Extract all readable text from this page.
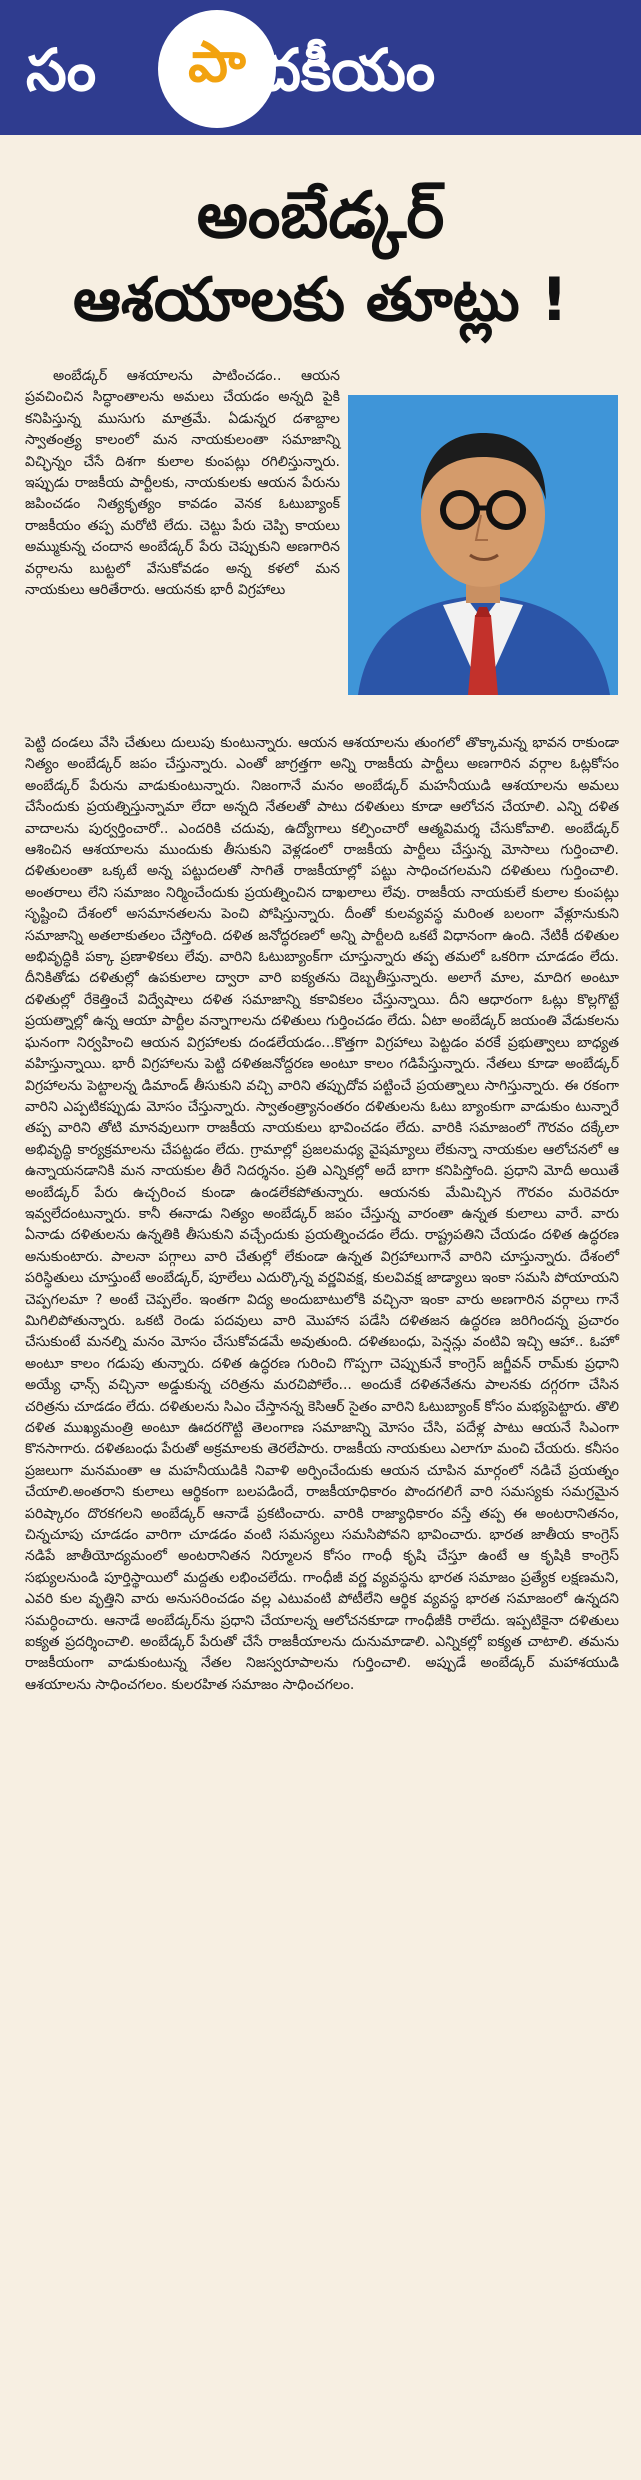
సం	పా దకీయం
అంబేడ్కర్
ఆశయాలకు తూట్లు !

అంబేడ్కర్ ఆశయాలను పాటించడం.. ఆయన ప్రవచించిన సిద్ధాంతాలను అమలు చేయడం అన్నది పైకి కనిపిస్తున్న ముసుగు మాత్రమే. ఏడున్నర దశాబ్దాల స్వాతంత్ర్య కాలంలో మన నాయకులంతా సమాజాన్ని విచ్ఛిన్నం చేసే దిశగా కులాల కుంపట్లు రగిలిస్తున్నారు. ఇప్పుడు రాజకీయ పార్టీలకు, నాయకులకు ఆయన పేరును జపించడం నిత్యకృత్యం కావడం వెనక ఓటుబ్యాంక్ రాజకీయం తప్ప మరోటి లేదు. చెట్టు పేరు చెప్పి కాయలు అమ్ముకున్న చందాన అంబేడ్కర్ పేరు చెప్పుకుని అణగారిన వర్గాలను బుట్టలో వేసుకోవడం అన్న కళలో మన నాయకులు ఆరితేరారు. ఆయనకు భారీ విగ్రహాలు

పెట్టి దండలు వేసి చేతులు దులుపు కుంటున్నారు. ఆయన ఆశయాలను తుంగలో తొక్కామన్న భావన రాకుండా నిత్యం అంబేడ్కర్ జపం చేస్తున్నారు. ఎంతో జాగ్రత్తగా అన్ని రాజకీయ పార్టీలు అణగారిన వర్గాల ఓట్లకోసం అంబేడ్కర్ పేరును వాడుకుంటున్నారు. నిజంగానే మనం అంబేడ్కర్ మహనీయుడి ఆశయాలను అమలు చేసేందుకు ప్రయత్నిస్తున్నామా లేదా అన్నది నేతలతో పాటు దళితులు కూడా ఆలోచన చేయాలి. ఎన్ని దళిత వాదాలను పుర్వర్తించారో.. ఎందరికి చదువు, ఉద్యోగాలు కల్పించారో ఆత్మవిమర్శ చేసుకోవాలి. అంబేడ్కర్ ఆశించిన ఆశయాలను ముందుకు తీసుకుని వెళ్లడంలో రాజకీయ పార్టీలు చేస్తున్న మోసాలు గుర్తించాలి. దళితులంతా ఒక్కటే అన్న పట్టుదలతో సాగితే రాజకీయాల్లో పట్టు సాధించగలమని దళితులు గుర్తించాలి. అంతరాలు లేని సమాజం నిర్మించేందుకు ప్రయత్నించిన దాఖలాలు లేవు. రాజకీయ నాయకులే కులాల కుంపట్లు సృష్టించి దేశంలో అసమానతలను పెంచి పోషిస్తున్నారు. దీంతో కులవ్యవస్థ మరింత బలంగా వేళ్లూనుకుని సమాజాన్ని అతలాకుతలం చేస్తోంది. దళిత జనోద్ధరణలో అన్ని పార్టీలది ఒకటే విధానంగా ఉంది. నేటికీ దళితుల అభివృద్ధికి పక్కా ప్రణాళికలు లేవు. వారిని ఓటుబ్యాంక్‌గా చూస్తున్నారు తప్ప తమలో ఒకరిగా చూడడం లేదు. దీనికితోడు దళితుల్లో ఉపకులాల ద్వారా వారి ఐక్యతను దెబ్బతీస్తున్నారు. అలాగే మాల, మాదిగ అంటూ దళితుల్లో రేకెత్తించే విద్వేషాలు దళిత సమాజాన్ని కకావికలం చేస్తున్నాయి. దీని ఆధారంగా ఓట్లు కొల్లగొట్టే ప్రయత్నాల్లో ఉన్న ఆయా పార్టీల వన్నాగాలను దళితులు గుర్తించడం లేదు. ఏటా అంబేడ్కర్ జయంతి వేడుకలను ఘనంగా నిర్వహించి ఆయన విగ్రహాలకు దండలేయడం...కొత్తగా విగ్రహాలు పెట్టడం వరకే ప్రభుత్వాలు బాధ్యత వహిస్తున్నాయి. భారీ విగ్రహాలను పెట్టి దళితజనోద్దరణ అంటూ కాలం గడిపేస్తున్నారు. నేతలు కూడా అంబేడ్కర్ విగ్రహాలను పెట్టాలన్న డిమాండ్ తీసుకుని వచ్చి వారిని తప్పుదోవ పట్టించే ప్రయత్నాలు సాగిస్తున్నారు. ఈ రకంగా వారిని ఎప్పటికప్పుడు మోసం చేస్తున్నారు. స్వాతంత్ర్యానంతరం దళితులను ఓటు బ్యాంకుగా వాడుకుం టున్నారే తప్ప వారిని తోటి మానవులుగా రాజకీయ నాయకులు భావించడం లేదు. వారికి సమాజంలో గౌరవం దక్కేలా అభివృద్ధి కార్యక్రమాలను చేపట్టడం లేదు. గ్రామాల్లో ప్రజలమధ్య వైషమ్యాలు లేకున్నా నాయకుల ఆలోచనలో ఆ ఉన్నాయనడానికి మన నాయకుల తీరే నిదర్శనం. ప్రతి ఎన్నికల్లో అదే బాగా కనిపిస్తోంది. ప్రధాని మోదీ అయితే అంబేడ్కర్ పేరు ఉచ్చరించ కుండా ఉండలేకపోతున్నారు. ఆయనకు మేమిచ్చిన గౌరవం మరెవరూ ఇవ్వలేదంటున్నారు. కానీ ఈనాడు నిత్యం అంబేడ్కర్ జపం చేస్తున్న వారంతా ఉన్నత కులాలు వారే. వారు ఏనాడు దళితులను ఉన్నతికి తీసుకుని వచ్చేందుకు ప్రయత్నించడం లేదు. రాష్ట్రపతిని చేయడం దళిత ఉద్ధరణ అనుకుంటారు. పాలనా పగ్గాలు వారి చేతుల్లో లేకుండా ఉన్నత విగ్రహాలుగానే వారిని చూస్తున్నారు. దేశంలో పరిస్థితులు చూస్తుంటే అంబేడ్కర్, పూలేలు ఎదుర్కొన్న వర్ణవివక్ష, కులవివక్ష జాడ్యాలు ఇంకా సమసి పోయాయని చెప్పగలమా ? అంటే చెప్పలేం. ఇంతగా విద్య అందుబాటులోకి వచ్చినా ఇంకా వారు అణగారిన వర్గాలు గానే మిగిలిపోతున్నారు. ఒకటి రెండు పదవులు వారి మొహాన పడేసి దళితజన ఉద్ధరణ జరిగిందన్న ప్రచారం చేసుకుంటే మనల్ని మనం మోసం చేసుకోవడమే అవుతుంది. దళితబంధు, పెన్షన్లు వంటివి ఇచ్చి ఆహా.. ఓహో అంటూ కాలం గడుపు తున్నారు. దళిత ఉద్ధరణ గురించి గొప్పగా చెప్పుకునే కాంగ్రెస్ జగ్జీవన్ రామ్‌కు ప్రధాని అయ్యే ఛాన్స్ వచ్చినా అడ్డుకున్న చరిత్రను మరచిపోలేం... అందుకే దళితనేతను పాలనకు దగ్గరగా చేసిన చరిత్రను చూడడం లేదు. దళితులను సిఎం చేస్తానన్న కెసిఆర్ సైతం వారిని ఓటుబ్యాంక్ కోసం మభ్యపెట్టారు. తొలి దళిత ముఖ్యమంత్రి అంటూ ఊదరగొట్టి తెలంగాణ సమాజాన్ని మోసం చేసి, పదేళ్ల పాటు ఆయనే సిఎంగా కొనసాగారు. దళితబంధు పేరుతో అక్రమాలకు తెరలేపారు. రాజకీయ నాయకులు ఎలాగూ మంచి చేయరు. కనీసం ప్రజలుగా మనమంతా ఆ మహనీయుడికి నివాళి అర్పించేందుకు ఆయన చూపిన మార్గంలో నడిచే ప్రయత్నం చేయాలి.అంతరాని కులాలు ఆర్థికంగా బలపడిందే, రాజకీయాధికారం పొందగలిగే వారి సమస్యకు సమగ్రమైన పరిష్కారం దొరకగలని అంబేడ్కర్ ఆనాడే ప్రకటించారు. వారికి రాజ్యాధికారం వస్తే తప్ప ఈ అంటరానితనం, చిన్నచూపు చూడడం వారిగా చూడడం వంటి సమస్యలు సమసిపోవని భావించారు. భారత జాతీయ కాంగ్రెస్ నడిపే జాతీయోద్యమంలో అంటరానితన నిర్మూలన కోసం గాంధీ కృషి చేస్తూ ఉంటే ఆ కృషికి కాంగ్రెస్ సభ్యులనుండి పూర్తిస్థాయిలో మద్దతు లభించలేదు. గాంధీజీ వర్ణ వ్యవస్థను భారత సమాజం ప్రత్యేక లక్షణమని, ఎవరి కుల వృత్తిని వారు అనుసరించడం వల్ల ఎటువంటి పోటీలేని ఆర్థిక వ్యవస్థ భారత సమాజంలో ఉన్నదని సమర్ధించారు. ఆనాడే అంబేడ్కర్‌ను ప్రధాని చేయాలన్న ఆలోచనకూడా గాంధీజీకి రాలేదు. ఇప్పటికైనా దళితులు ఐక్యత ప్రదర్శించాలి. అంబేడ్కర్ పేరుతో చేసే రాజకీయాలను దునుమాడాలి. ఎన్నికల్లో ఐక్యత చాటాలి. తమను రాజకీయంగా వాడుకుంటున్న నేతల నిజస్వరూపాలను గుర్తించాలి. అప్పుడే అంబేడ్కర్ మహాశయుడి ఆశయాలను సాధించగలం. కులరహిత సమాజం సాధించగలం.
